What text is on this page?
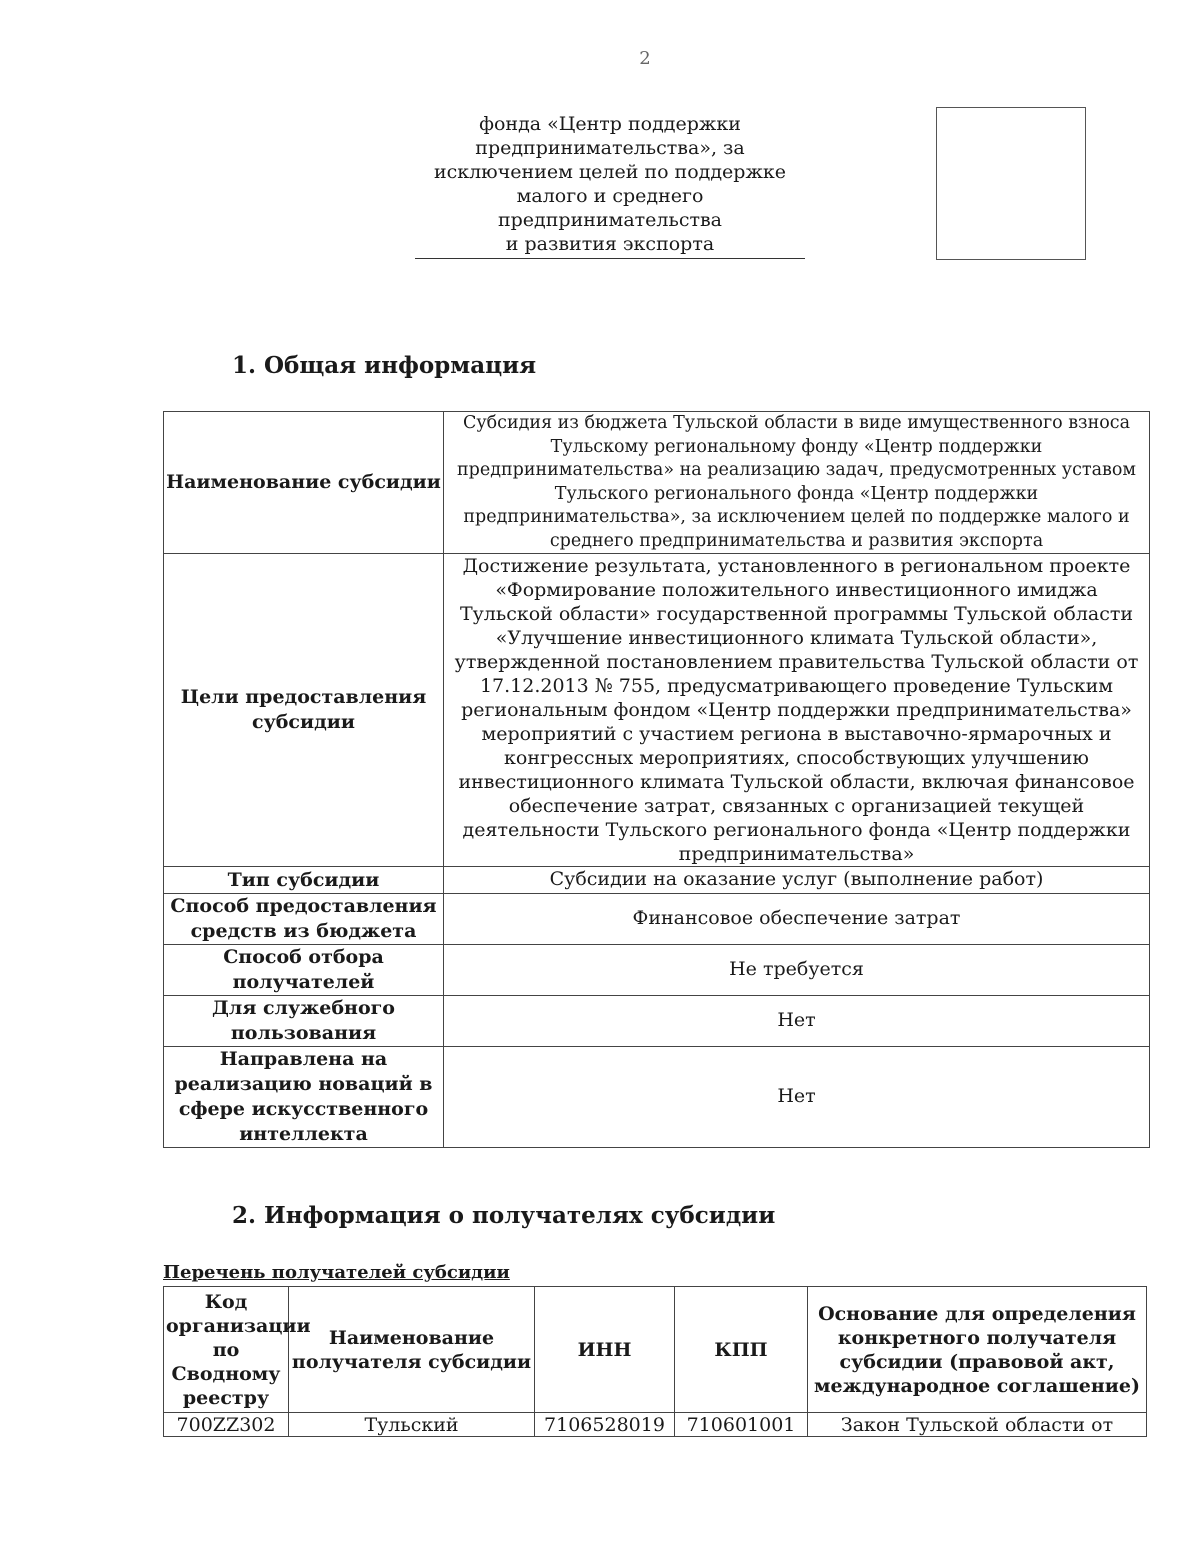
2
фонда «Центр поддержки
предпринимательства», за
исключением целей по поддержке
малого и среднего
предпринимательства
и развития экспорта
1. Общая информация
Наименование субсидии	Субсидия из бюджета Тульской области в виде имущественного взноса Тульскому региональному фонду «Центр поддержки предпринимательства» на реализацию задач, предусмотренных уставом Тульского регионального фонда «Центр поддержки предпринимательства», за исключением целей по поддержке малого и среднего предпринимательства и развития экспорта
Цели предоставления субсидии	Достижение результата, установленного в региональном проекте «Формирование положительного инвестиционного имиджа Тульской области» государственной программы Тульской области «Улучшение инвестиционного климата Тульской области», утвержденной постановлением правительства Тульской области от 17.12.2013 № 755, предусматривающего проведение Тульским региональным фондом «Центр поддержки предпринимательства» мероприятий с участием региона в выставочно-ярмарочных и конгрессных мероприятиях, способствующих улучшению инвестиционного климата Тульской области, включая финансовое обеспечение затрат, связанных с организацией текущей деятельности Тульского регионального фонда «Центр поддержки предпринимательства»
Тип субсидии	Субсидии на оказание услуг (выполнение работ)
Способ предоставления средств из бюджета	Финансовое обеспечение затрат
Способ отбора получателей	Не требуется
Для служебного пользования	Нет
Направлена на реализацию новаций в сфере искусственного интеллекта	Нет
2. Информация о получателях субсидии
Перечень получателей субсидии
Код организации по Сводному реестру	Наименование получателя субсидии	ИНН	КПП	Основание для определения конкретного получателя субсидии (правовой акт, международное соглашение)
700ZZ302	Тульский	7106528019	710601001	Закон Тульской области от
